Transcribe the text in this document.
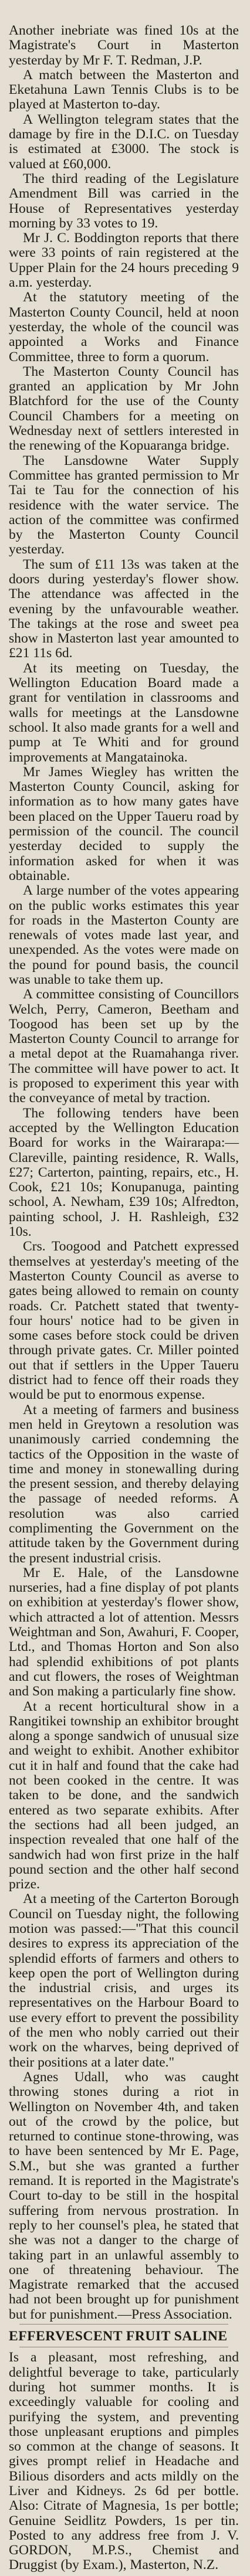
Another inebriate was fined 10s at the Magistrate's Court in Masterton yesterday by Mr F. T. Redman, J.P.

A match between the Masterton and Eketahuna Lawn Tennis Clubs is to be played at Masterton to-day.

A Wellington telegram states that the damage by fire in the D.I.C. on Tuesday is estimated at £3000. The stock is valued at £60,000.

The third reading of the Legislature Amendment Bill was carried in the House of Representatives yesterday morning by 33 votes to 19.

Mr J. C. Boddington reports that there were 33 points of rain registered at the Upper Plain for the 24 hours preceding 9 a.m. yesterday.

At the statutory meeting of the Masterton County Council, held at noon yesterday, the whole of the council was appointed a Works and Finance Committee, three to form a quorum.

The Masterton County Council has granted an application by Mr John Blatchford for the use of the County Council Chambers for a meeting on Wednesday next of settlers interested in the renewing of the Kopuaranga bridge.

The Lansdowne Water Supply Committee has granted permission to Mr Tai te Tau for the connection of his residence with the water service. The action of the committee was confirmed by the Masterton County Council yesterday.

The sum of £11 13s was taken at the doors during yesterday's flower show. The attendance was affected in the evening by the unfavourable weather. The takings at the rose and sweet pea show in Masterton last year amounted to £21 11s 6d.

At its meeting on Tuesday, the Wellington Education Board made a grant for ventilation in classrooms and walls for meetings at the Lansdowne school. It also made grants for a well and pump at Te Whiti and for ground improvements at Mangatainoka.

Mr James Wiegley has written the Masterton County Council, asking for information as to how many gates have been placed on the Upper Taueru road by permission of the council. The council yesterday decided to supply the information asked for when it was obtainable.

A large number of the votes appearing on the public works estimates this year for roads in the Masterton County are renewals of votes made last year, and unexpended. As the votes were made on the pound for pound basis, the council was unable to take them up.

A committee consisting of Councillors Welch, Perry, Cameron, Beetham and Toogood has been set up by the Masterton County Council to arrange for a metal depot at the Ruamahanga river. The committee will have power to act. It is proposed to experiment this year with the conveyance of metal by traction.

The following tenders have been accepted by the Wellington Education Board for works in the Wairarapa:—Clareville, painting residence, R. Walls, £27; Carterton, painting, repairs, etc., H. Cook, £21 10s; Konupanuga, painting school, A. Newham, £39 10s; Alfredton, painting school, J. H. Rashleigh, £32 10s.

Crs. Toogood and Patchett expressed themselves at yesterday's meeting of the Masterton County Council as averse to gates being allowed to remain on county roads. Cr. Patchett stated that twenty-four hours' notice had to be given in some cases before stock could be driven through private gates. Cr. Miller pointed out that if settlers in the Upper Taueru district had to fence off their roads they would be put to enormous expense.

At a meeting of farmers and business men held in Greytown a resolution was unanimously carried condemning the tactics of the Opposition in the waste of time and money in stonewalling during the present session, and thereby delaying the passage of needed reforms. A resolution was also carried complimenting the Government on the attitude taken by the Government during the present industrial crisis.

Mr E. Hale, of the Lansdowne nurseries, had a fine display of pot plants on exhibition at yesterday's flower show, which attracted a lot of attention. Messrs Weightman and Son, Awahuri, F. Cooper, Ltd., and Thomas Horton and Son also had splendid exhibitions of pot plants and cut flowers, the roses of Weightman and Son making a particularly fine show.

At a recent horticultural show in a Rangitikei township an exhibitor brought along a sponge sandwich of unusual size and weight to exhibit. Another exhibitor cut it in half and found that the cake had not been cooked in the centre. It was taken to be done, and the sandwich entered as two separate exhibits. After the sections had all been judged, an inspection revealed that one half of the sandwich had won first prize in the half pound section and the other half second prize.

At a meeting of the Carterton Borough Council on Tuesday night, the following motion was passed:—"That this council desires to express its appreciation of the splendid efforts of farmers and others to keep open the port of Wellington during the industrial crisis, and urges its representatives on the Harbour Board to use every effort to prevent the possibility of the men who nobly carried out their work on the wharves, being deprived of their positions at a later date."

Agnes Udall, who was caught throwing stones during a riot in Wellington on November 4th, and taken out of the crowd by the police, but returned to continue stone-throwing, was to have been sentenced by Mr E. Page, S.M., but she was granted a further remand. It is reported in the Magistrate's Court to-day to be still in the hospital suffering from nervous prostration. In reply to her counsel's plea, he stated that she was not a danger to the charge of taking part in an unlawful assembly to one of threatening behaviour. The Magistrate remarked that the accused had not been brought up for punishment but for punishment.—Press Association.

EFFERVESCENT FRUIT SALINE

Is a pleasant, most refreshing, and delightful beverage to take, particularly during hot summer months. It is exceedingly valuable for cooling and purifying the system, and preventing those unpleasant eruptions and pimples so common at the change of seasons. It gives prompt relief in Headache and Bilious disorders and acts mildly on the Liver and Kidneys. 2s 6d per bottle. Also: Citrate of Magnesia, 1s per bottle; Genuine Seidlitz Powders, 1s per tin. Posted to any address free from J. V. GORDON, M.P.S., Chemist and Druggist (by Exam.), Masterton, N.Z.
